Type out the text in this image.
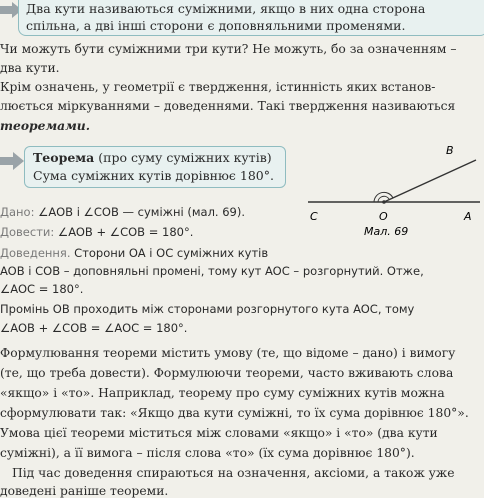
Два кути називаються суміжними, якщо в них одна сторона
спільна, а дві інші сторони є доповняльними променями.
Чи можуть бути суміжними три кути? Не можуть, бо за означенням –
два кути.
Крім означень, у геометрії є твердження, істинність яких встанов-
люється міркуваннями – доведеннями. Такі твердження називаються
теоремами.
Теорема (про суму суміжних кутів)
Сума суміжних кутів дорівнює 180°.
Дано: ∠AOB і ∠COB — суміжні (мал. 69).
Довести: ∠AOB + ∠COB = 180°.
B
C	O	A
Мал. 69
Доведення. Сторони OA і OC суміжних кутів
AOB і COB – доповняльні промені, тому кут AOC – розгорнутий. Отже,
∠AOC = 180°.
Промінь OB проходить між сторонами розгорнутого кута AOC, тому
∠AOB + ∠COB = ∠AOC = 180°.
Формулювання теореми містить умову (те, що відоме – дано) і вимогу
(те, що треба довести). Формулюючи теореми, часто вживають слова
«якщо» і «то». Наприклад, теорему про суму суміжних кутів можна
сформулювати так: «Якщо два кути суміжні, то їх сума дорівнює 180°».
Умова цієї теореми міститься між словами «якщо» і «то» (два кути
суміжні), а її вимога – після слова «то» (їх сума дорівнює 180°).
Під час доведення спираються на означення, аксіоми, а також уже
доведені раніше теореми.
